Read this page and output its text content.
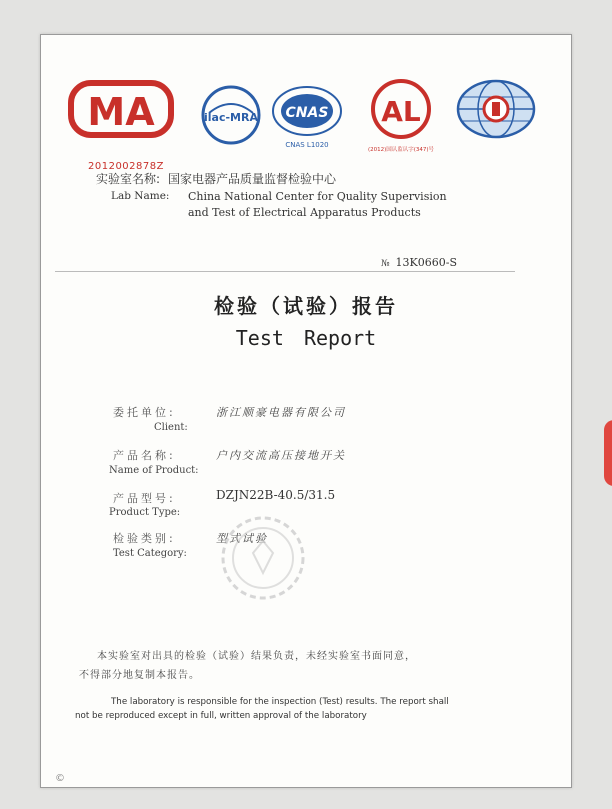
MA
2012002878Z
ilac-MRA CNAS
CNAS L1020
AL
(2012)国认监认字(347)号
实验室名称: 国家电器产品质量监督检验中心
Lab Name: China National Center for Quality Supervision
and Test of Electrical Apparatus Products
№ 13K0660-S
检验（试验）报告
Test Report
委托单位:	浙江顺豪电器有限公司
Client:
产品名称:	户内交流高压接地开关
Name of Product:
产品型号:	DZJN22B-40.5/31.5
Product Type:
检验类别:	型式试验
Test Category:
本实验室对出具的检验（试验）结果负责，未经实验室书面同意，
不得部分地复制本报告。
The laboratory is responsible for the inspection (Test) results. The report shall
not be reproduced except in full, written approval of the laboratory
©
